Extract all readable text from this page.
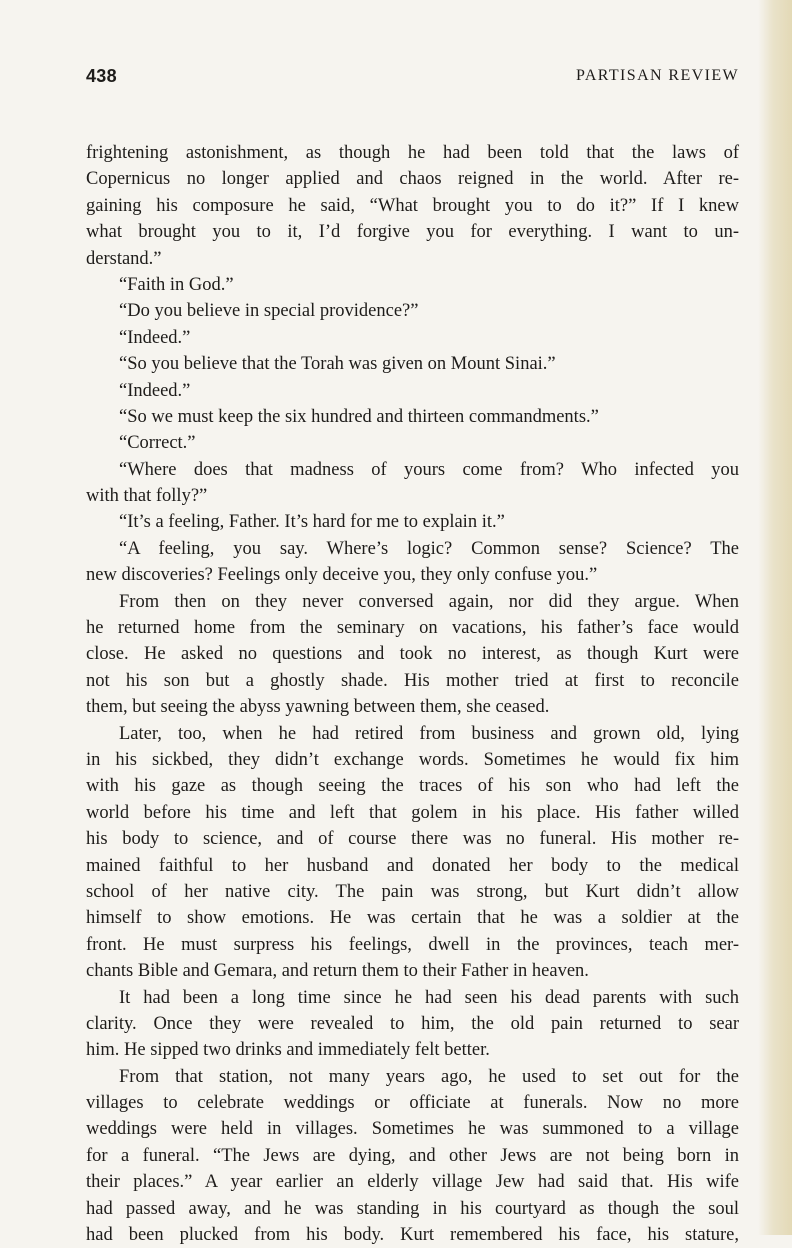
438	PARTISAN REVIEW
frightening astonishment, as though he had been told that the laws of
Copernicus no longer applied and chaos reigned in the world. After re-
gaining his composure he said, “What brought you to do it?” If I knew
what brought you to it, I’d forgive you for everything. I want to un-
derstand.”
“Faith in God.”
“Do you believe in special providence?”
“Indeed.”
“So you believe that the Torah was given on Mount Sinai.”
“Indeed.”
“So we must keep the six hundred and thirteen commandments.”
“Correct.”
“Where does that madness of yours come from? Who infected you
with that folly?”
“It’s a feeling, Father. It’s hard for me to explain it.”
“A feeling, you say. Where’s logic? Common sense? Science? The
new discoveries? Feelings only deceive you, they only confuse you.”
From then on they never conversed again, nor did they argue. When
he returned home from the seminary on vacations, his father’s face would
close. He asked no questions and took no interest, as though Kurt were
not his son but a ghostly shade. His mother tried at first to reconcile
them, but seeing the abyss yawning between them, she ceased.
Later, too, when he had retired from business and grown old, lying
in his sickbed, they didn’t exchange words. Sometimes he would fix him
with his gaze as though seeing the traces of his son who had left the
world before his time and left that golem in his place. His father willed
his body to science, and of course there was no funeral. His mother re-
mained faithful to her husband and donated her body to the medical
school of her native city. The pain was strong, but Kurt didn’t allow
himself to show emotions. He was certain that he was a soldier at the
front. He must surpress his feelings, dwell in the provinces, teach mer-
chants Bible and Gemara, and return them to their Father in heaven.
It had been a long time since he had seen his dead parents with such
clarity. Once they were revealed to him, the old pain returned to sear
him. He sipped two drinks and immediately felt better.
From that station, not many years ago, he used to set out for the
villages to celebrate weddings or officiate at funerals. Now no more
weddings were held in villages. Sometimes he was summoned to a village
for a funeral. “The Jews are dying, and other Jews are not being born in
their places.” A year earlier an elderly village Jew had said that. His wife
had passed away, and he was standing in his courtyard as though the soul
had been plucked from his body. Kurt remembered his face, his stature,
